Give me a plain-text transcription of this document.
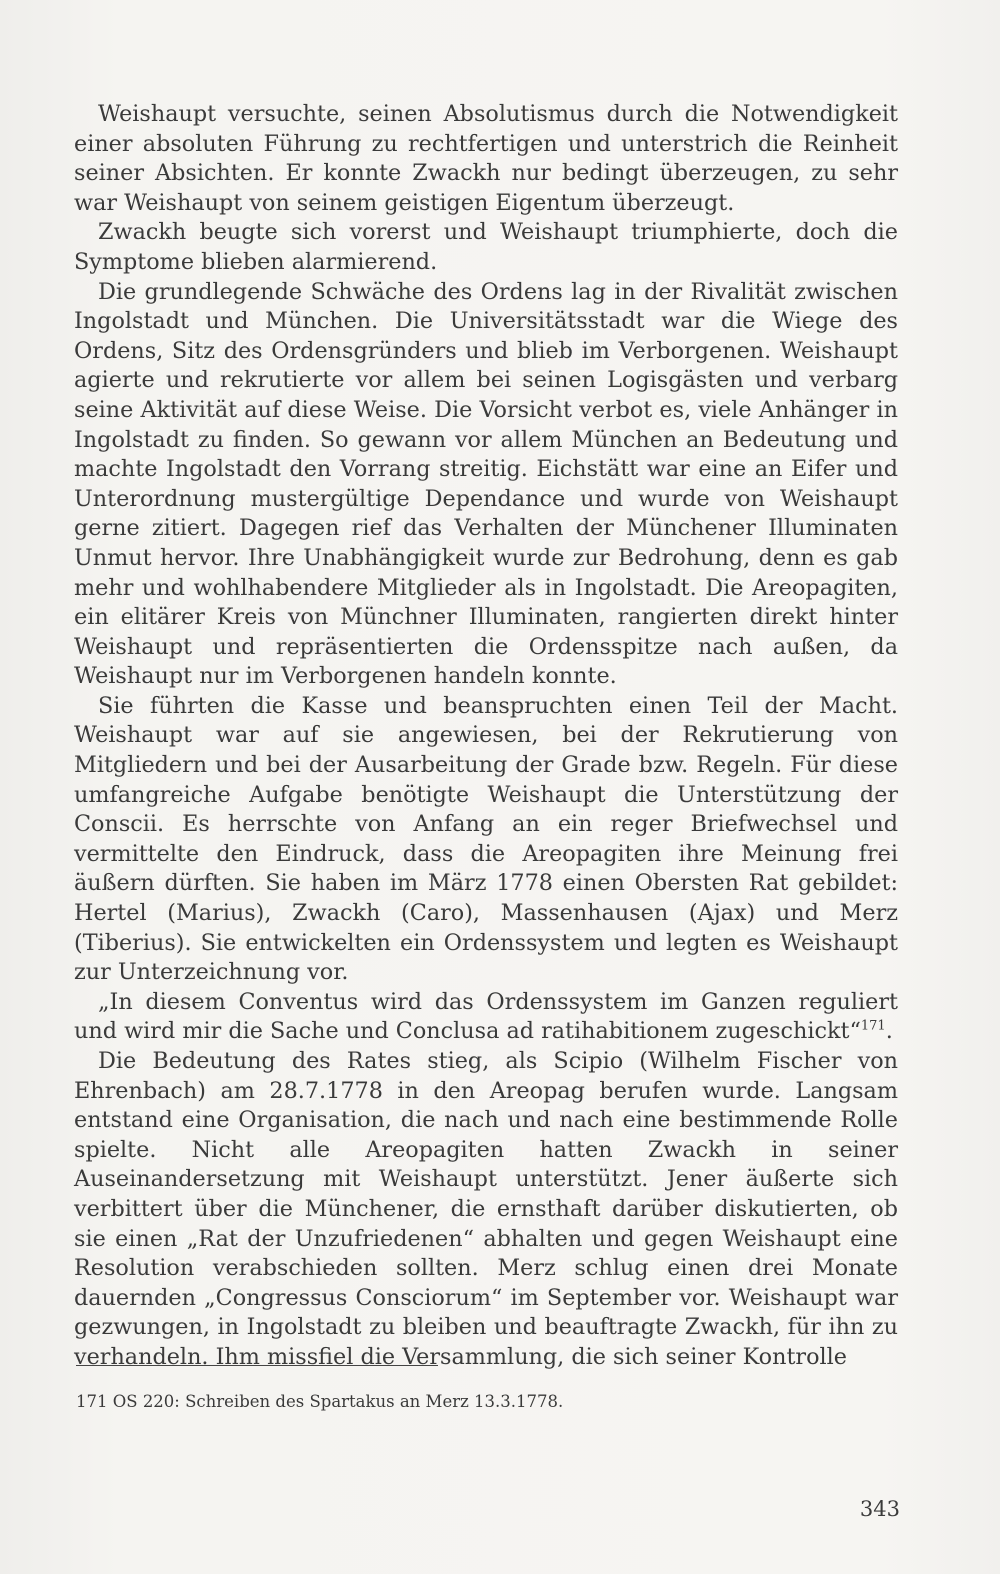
Weishaupt versuchte, seinen Absolutismus durch die Notwendigkeit einer absoluten Führung zu rechtfertigen und unterstrich die Reinheit seiner Absichten. Er konnte Zwackh nur bedingt überzeugen, zu sehr war Weishaupt von seinem geistigen Eigentum überzeugt.

Zwackh beugte sich vorerst und Weishaupt triumphierte, doch die Symptome blieben alarmierend.

Die grundlegende Schwäche des Ordens lag in der Rivalität zwischen Ingolstadt und München. Die Universitätsstadt war die Wiege des Ordens, Sitz des Ordensgründers und blieb im Verborgenen. Weishaupt agierte und rekrutierte vor allem bei seinen Logisgästen und verbarg seine Aktivität auf diese Weise. Die Vorsicht verbot es, viele Anhänger in Ingolstadt zu finden. So gewann vor allem München an Bedeutung und machte Ingolstadt den Vorrang streitig. Eichstätt war eine an Eifer und Unterordnung mustergültige Dependance und wurde von Weishaupt gerne zitiert. Dagegen rief das Verhalten der Münchener Illuminaten Unmut hervor. Ihre Unabhängigkeit wurde zur Bedrohung, denn es gab mehr und wohlhabendere Mitglieder als in Ingolstadt. Die Areopagiten, ein elitärer Kreis von Münchner Illuminaten, rangierten direkt hinter Weishaupt und repräsentierten die Ordensspitze nach außen, da Weishaupt nur im Verborgenen handeln konnte.

Sie führten die Kasse und beanspruchten einen Teil der Macht. Weishaupt war auf sie angewiesen, bei der Rekrutierung von Mitgliedern und bei der Ausarbeitung der Grade bzw. Regeln. Für diese umfangreiche Aufgabe benötigte Weishaupt die Unterstützung der Conscii. Es herrschte von Anfang an ein reger Briefwechsel und vermittelte den Eindruck, dass die Areopagiten ihre Meinung frei äußern dürften. Sie haben im März 1778 einen Obersten Rat gebildet: Hertel (Marius), Zwackh (Caro), Massenhausen (Ajax) und Merz (Tiberius). Sie entwickelten ein Ordenssystem und legten es Weishaupt zur Unterzeichnung vor.

„In diesem Conventus wird das Ordenssystem im Ganzen reguliert und wird mir die Sache und Conclusa ad ratihabitionem zugeschickt“$^{171}$.

Die Bedeutung des Rates stieg, als Scipio (Wilhelm Fischer von Ehrenbach) am 28.7.1778 in den Areopag berufen wurde. Langsam entstand eine Organisation, die nach und nach eine bestimmende Rolle spielte. Nicht alle Areopagiten hatten Zwackh in seiner Auseinandersetzung mit Weishaupt unterstützt. Jener äußerte sich verbittert über die Münchener, die ernsthaft darüber diskutierten, ob sie einen „Rat der Unzufriedenen“ abhalten und gegen Weishaupt eine Resolution verabschieden sollten. Merz schlug einen drei Monate dauernden „Congressus Consciorum“ im September vor. Weishaupt war gezwungen, in Ingolstadt zu bleiben und beauftragte Zwackh, für ihn zu verhandeln. Ihm missfiel die Versammlung, die sich seiner Kontrolle

171 OS 220: Schreiben des Spartakus an Merz 13.3.1778.
343
